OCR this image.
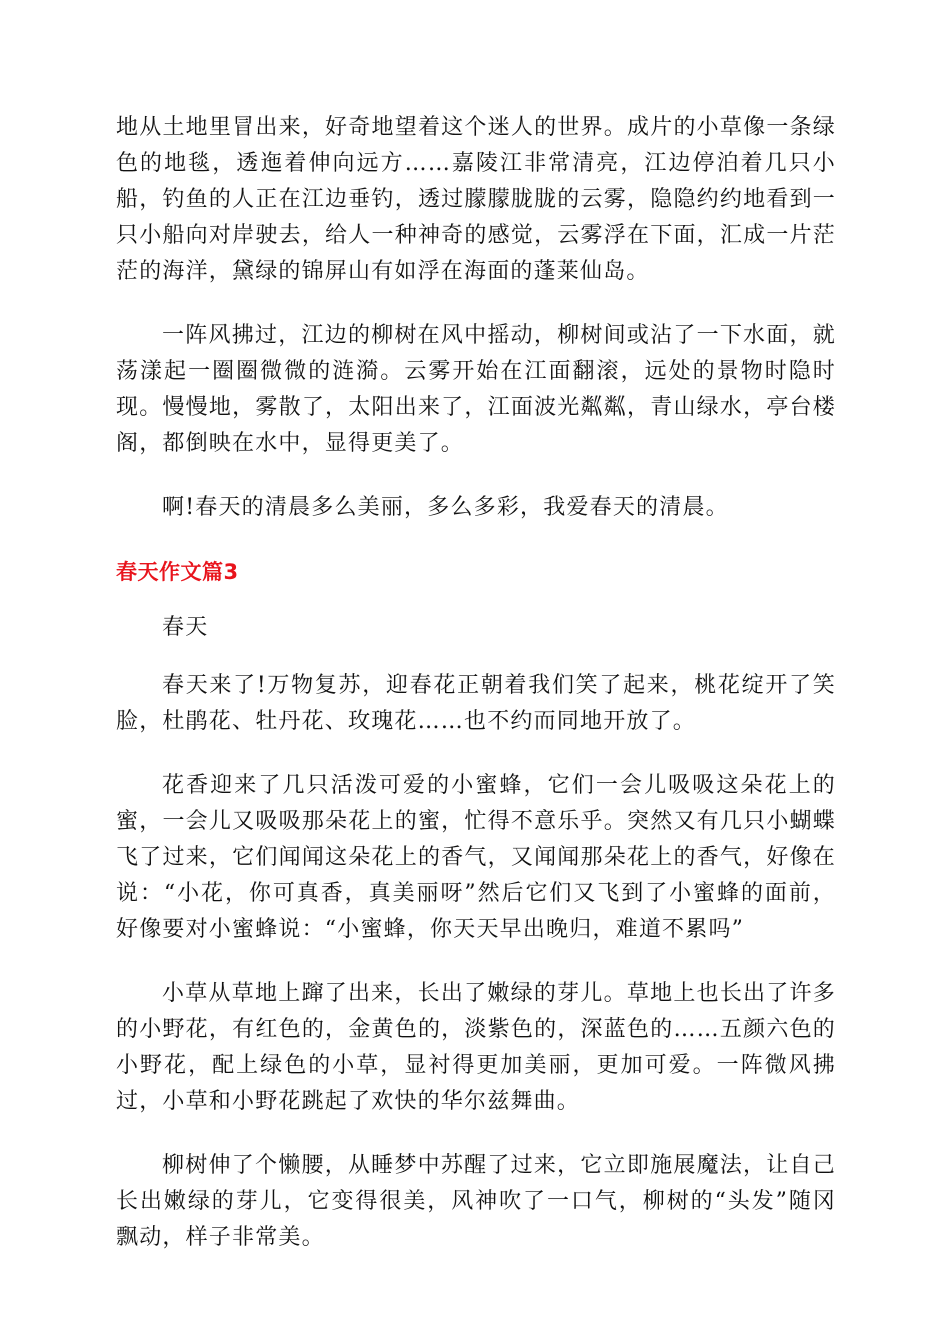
地从土地里冒出来，好奇地望着这个迷人的世界。成片的小草像一条绿色的地毯，透迤着伸向远方……嘉陵江非常清亮，江边停泊着几只小船，钓鱼的人正在江边垂钓，透过朦朦胧胧的云雾，隐隐约约地看到一只小船向对岸驶去，给人一种神奇的感觉，云雾浮在下面，汇成一片茫茫的海洋，黛绿的锦屏山有如浮在海面的蓬莱仙岛。

一阵风拂过，江边的柳树在风中摇动，柳树间或沾了一下水面，就荡漾起一圈圈微微的涟漪。云雾开始在江面翻滚，远处的景物时隐时现。慢慢地，雾散了，太阳出来了，江面波光粼粼，青山绿水，亭台楼阁，都倒映在水中，显得更美了。

啊!春天的清晨多么美丽，多么多彩，我爱春天的清晨。

春天作文篇3

春天

春天来了!万物复苏，迎春花正朝着我们笑了起来，桃花绽开了笑脸，杜鹃花、牡丹花、玫瑰花……也不约而同地开放了。

花香迎来了几只活泼可爱的小蜜蜂，它们一会儿吸吸这朵花上的蜜，一会儿又吸吸那朵花上的蜜，忙得不意乐乎。突然又有几只小蝴蝶飞了过来，它们闻闻这朵花上的香气，又闻闻那朵花上的香气，好像在说：“小花，你可真香，真美丽呀”然后它们又飞到了小蜜蜂的面前，好像要对小蜜蜂说：“小蜜蜂，你天天早出晚归，难道不累吗”

小草从草地上蹿了出来，长出了嫩绿的芽儿。草地上也长出了许多的小野花，有红色的，金黄色的，淡紫色的，深蓝色的……五颜六色的小野花，配上绿色的小草，显衬得更加美丽，更加可爱。一阵微风拂过，小草和小野花跳起了欢快的华尔兹舞曲。

柳树伸了个懒腰，从睡梦中苏醒了过来，它立即施展魔法，让自己长出嫩绿的芽儿，它变得很美，风神吹了一口气，柳树的“头发”随冈飘动，样子非常美。
